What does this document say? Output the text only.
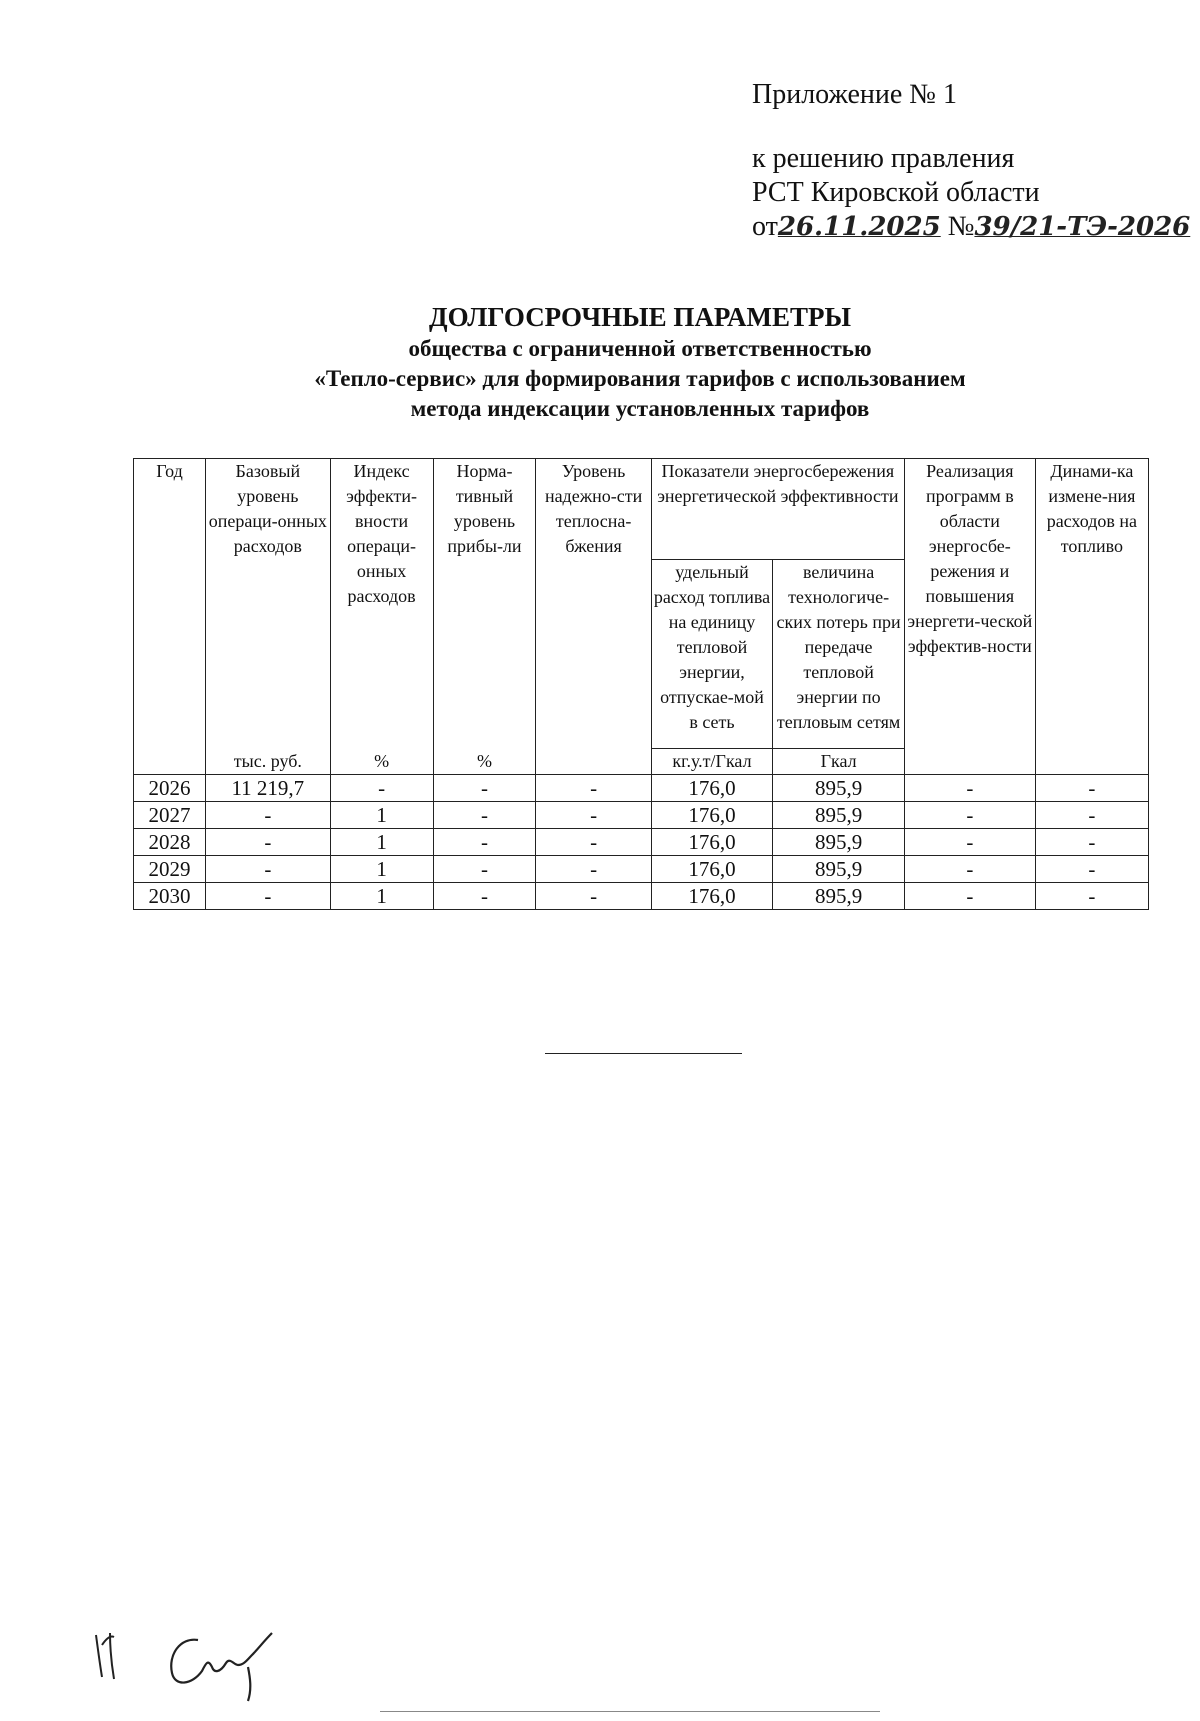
Приложение № 1
к решению правления
РСТ Кировской области
от26.11.2025 №39/21-ТЭ-2026
ДОЛГОСРОЧНЫЕ ПАРАМЕТРЫ
общества с ограниченной ответственностью
«Тепло-сервис» для формирования тарифов с использованием
метода индексации установленных тарифов
Год	Базовый уровень операци-онных расходов	Индекс эффекти-вности операци-онных расходов	Норма-тивный уровень прибы-ли	Уровень надежно-сти теплосна-бжения	Показатели энергосбережения энергетической эффективности		Реализация программ в области энергосбе-режения и повышения энергети-ческой эффектив-ности	Динами-ка измене-ния расходов на топливо
					удельный расход топлива на единицу тепловой энергии, отпускае-мой в сеть	величина технологиче-ских потерь при передаче тепловой энергии по тепловым сетям		
	тыс. руб.	%	%		кг.у.т/Гкал	Гкал		
2026	11 219,7	-	-	-	176,0	895,9	-	-
2027	-	1	-	-	176,0	895,9	-	-
2028	-	1	-	-	176,0	895,9	-	-
2029	-	1	-	-	176,0	895,9	-	-
2030	-	1	-	-	176,0	895,9	-	-
